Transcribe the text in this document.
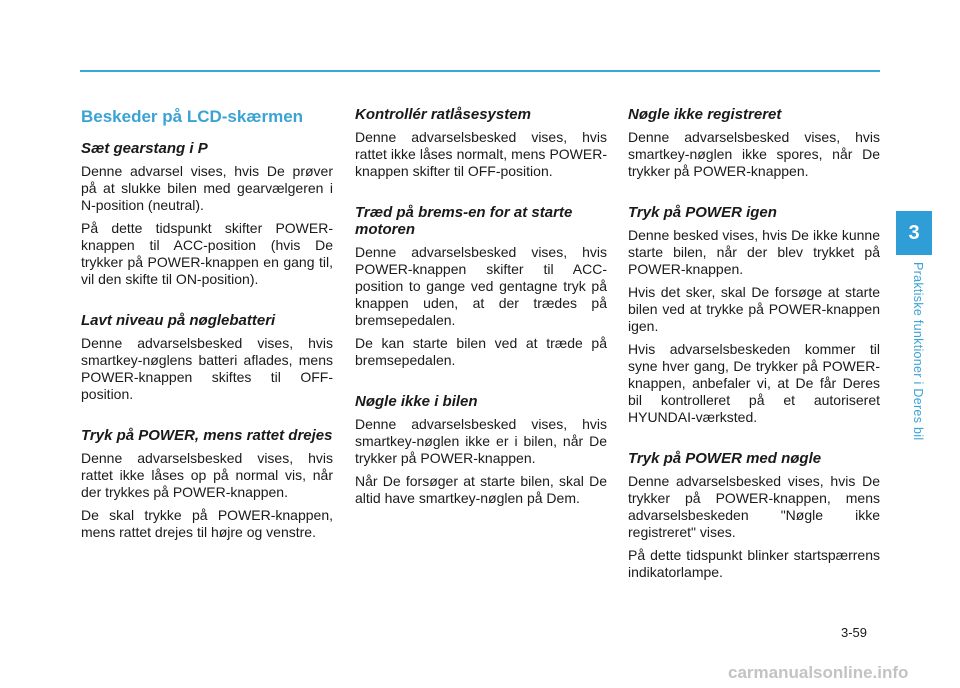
Beskeder på LCD-skærmen
Sæt gearstang i P
Denne advarsel vises, hvis De prøver på at slukke bilen med gearvælgeren i N-position (neutral).
På dette tidspunkt skifter POWER-knappen til ACC-position (hvis De trykker på POWER-knappen en gang til, vil den skifte til ON-position).
Lavt niveau på nøglebatteri
Denne advarselsbesked vises, hvis smartkey-nøglens batteri aflades, mens POWER-knappen skiftes til OFF-position.
Tryk på POWER, mens rattet drejes
Denne advarselsbesked vises, hvis rattet ikke låses op på normal vis, når der trykkes på POWER-knappen.
De skal trykke på POWER-knappen, mens rattet drejes til højre og venstre.
Kontrollér ratlåsesystem
Denne advarselsbesked vises, hvis rattet ikke låses normalt, mens POWER-knappen skifter til OFF-position.
Træd på brems-en for at starte motoren
Denne advarselsbesked vises, hvis POWER-knappen skifter til ACC-position to gange ved gentagne tryk på knappen uden, at der trædes på bremsepedalen.
De kan starte bilen ved at træde på bremsepedalen.
Nøgle ikke i bilen
Denne advarselsbesked vises, hvis smartkey-nøglen ikke er i bilen, når De trykker på POWER-knappen.
Når De forsøger at starte bilen, skal De altid have smartkey-nøglen på Dem.
Nøgle ikke registreret
Denne advarselsbesked vises, hvis smartkey-nøglen ikke spores, når De trykker på POWER-knappen.
Tryk på POWER igen
Denne besked vises, hvis De ikke kunne starte bilen, når der blev trykket på POWER-knappen.
Hvis det sker, skal De forsøge at starte bilen ved at trykke på POWER-knappen igen.
Hvis advarselsbeskeden kommer til syne hver gang, De trykker på POWER-knappen, anbefaler vi, at De får Deres bil kontrolleret på et autoriseret HYUNDAI-værksted.
Tryk på POWER med nøgle
Denne advarselsbesked vises, hvis De trykker på POWER-knappen, mens advarselsbeskeden "Nøgle ikke registreret" vises.
På dette tidspunkt blinker startspærrens indikatorlampe.
3
Praktiske funktioner i Deres bil
3-59
carmanualsonline.info
